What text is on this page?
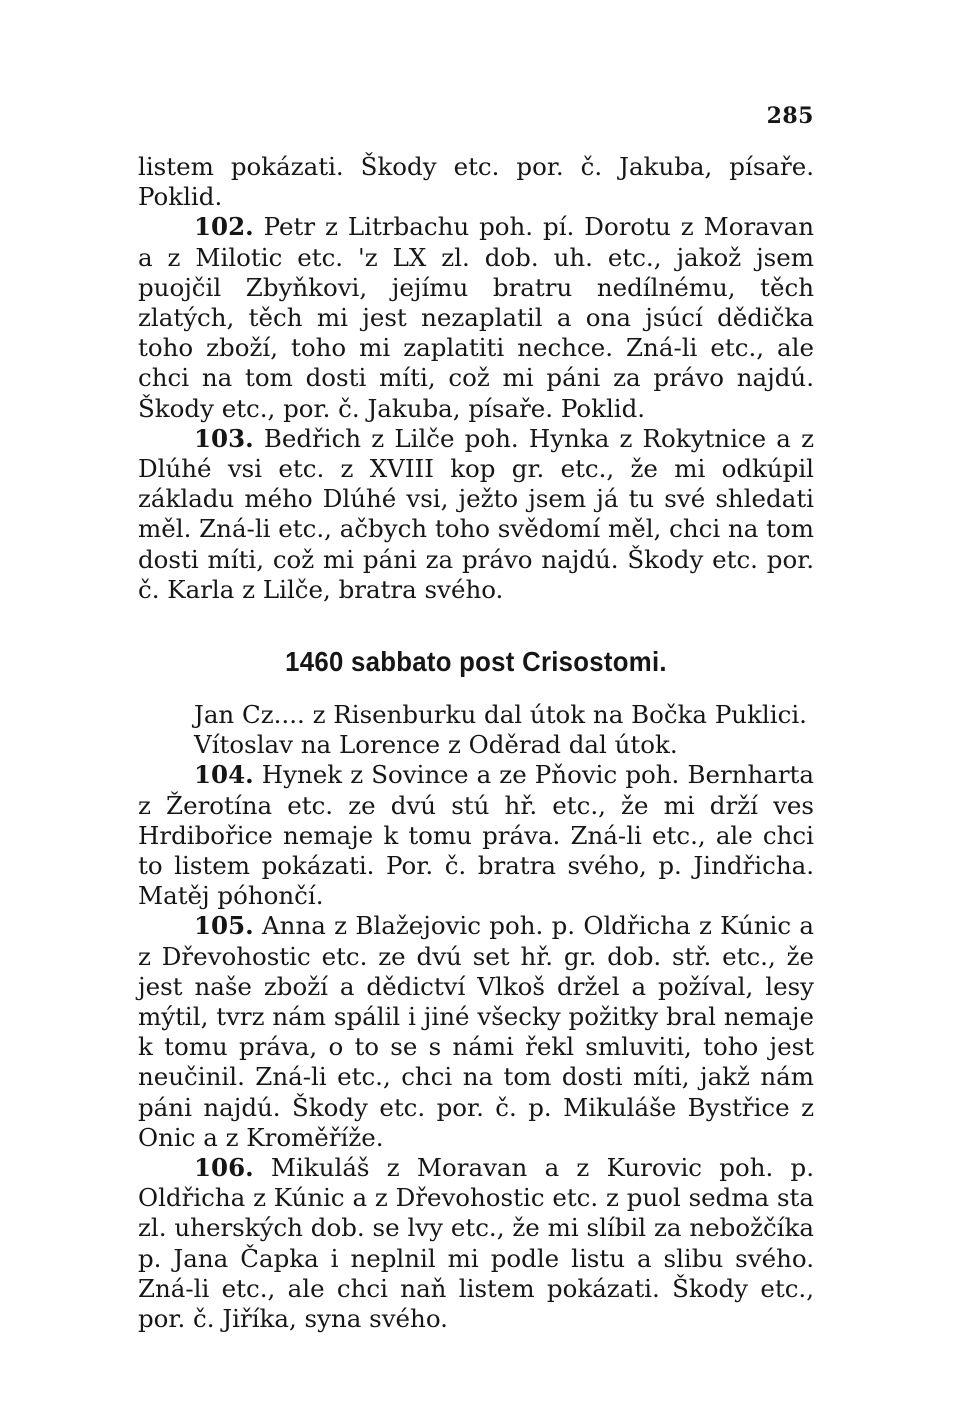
285

listem pokázati. Škody etc. por. č. Jakuba, písaře. Poklid.

102. Petr z Litrbachu poh. pí. Dorotu z Moravan a z Milotic etc. 'z LX zl. dob. uh. etc., jakož jsem puojčil Zbyňkovi, jejímu bratru nedílnému, těch zlatých, těch mi jest nezaplatil a ona jsúcí dědička toho zboží, toho mi zaplatiti nechce. Zná-li etc., ale chci na tom dosti míti, což mi páni za právo najdú. Škody etc., por. č. Jakuba, písaře. Poklid.

103. Bedřich z Lilče poh. Hynka z Rokytnice a z Dlúhé vsi etc. z XVIII kop gr. etc., že mi odkúpil základu mého Dlúhé vsi, ježto jsem já tu své shledati měl. Zná-li etc., ačbych toho svědomí měl, chci na tom dosti míti, což mi páni za právo najdú. Škody etc. por. č. Karla z Lilče, bratra svého.

1460 sabbato post Crisostomi.

Jan Cz.... z Risenburku dal útok na Bočka Puklici.

Vítoslav na Lorence z Oděrad dal útok.

104. Hynek z Sovince a ze Pňovic poh. Bernharta z Žerotína etc. ze dvú stú hř. etc., že mi drží ves Hrdibořice nemaje k tomu práva. Zná-li etc., ale chci to listem pokázati. Por. č. bratra svého, p. Jindřicha. Matěj póhončí.

105. Anna z Blažejovic poh. p. Oldřicha z Kúnic a z Dřevohostic etc. ze dvú set hř. gr. dob. stř. etc., že jest naše zboží a dědictví Vlkoš držel a požíval, lesy mýtil, tvrz nám spálil i jiné všecky požitky bral nemaje k tomu práva, o to se s námi řekl smluviti, toho jest neučinil. Zná-li etc., chci na tom dosti míti, jakž nám páni najdú. Škody etc. por. č. p. Mikuláše Bystřice z Onic a z Kroměříže.

106. Mikuláš z Moravan a z Kurovic poh. p. Oldřicha z Kúnic a z Dřevohostic etc. z puol sedma sta zl. uherských dob. se lvy etc., že mi slíbil za nebožčíka p. Jana Čapka i neplnil mi podle listu a slibu svého. Zná-li etc., ale chci naň listem pokázati. Škody etc., por. č. Jiříka, syna svého.
